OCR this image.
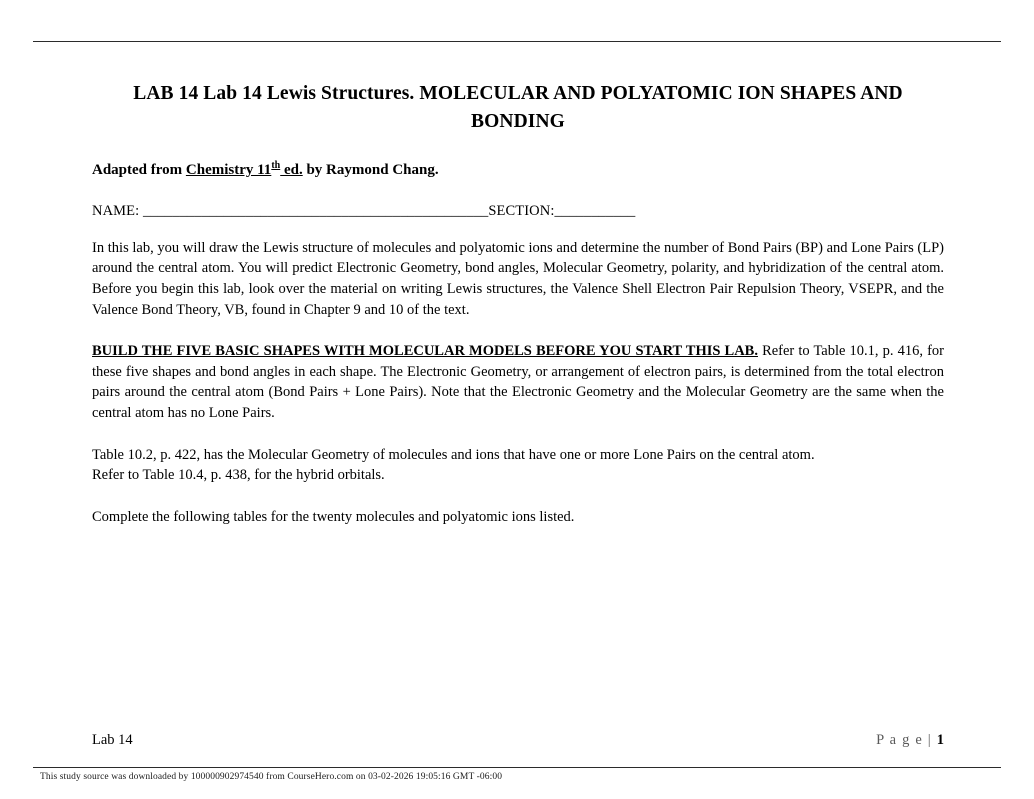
LAB 14 Lab 14 Lewis Structures. MOLECULAR AND POLYATOMIC ION SHAPES AND BONDING

Adapted from Chemistry 11th ed. by Raymond Chang.

NAME: _______________________________________________SECTION:___________

In this lab, you will draw the Lewis structure of molecules and polyatomic ions and determine the number of Bond Pairs (BP) and Lone Pairs (LP) around the central atom. You will predict Electronic Geometry, bond angles, Molecular Geometry, polarity, and hybridization of the central atom. Before you begin this lab, look over the material on writing Lewis structures, the Valence Shell Electron Pair Repulsion Theory, VSEPR, and the Valence Bond Theory, VB, found in Chapter 9 and 10 of the text.

BUILD THE FIVE BASIC SHAPES WITH MOLECULAR MODELS BEFORE YOU START THIS LAB. Refer to Table 10.1, p. 416, for these five shapes and bond angles in each shape. The Electronic Geometry, or arrangement of electron pairs, is determined from the total electron pairs around the central atom (Bond Pairs + Lone Pairs). Note that the Electronic Geometry and the Molecular Geometry are the same when the central atom has no Lone Pairs.

Table 10.2, p. 422, has the Molecular Geometry of molecules and ions that have one or more Lone Pairs on the central atom.
Refer to Table 10.4, p. 438, for the hybrid orbitals.

Complete the following tables for the twenty molecules and polyatomic ions listed.

Lab 14	P a g e | 1
This study source was downloaded by 100000902974540 from CourseHero.com on 03-02-2026 19:05:16 GMT -06:00
